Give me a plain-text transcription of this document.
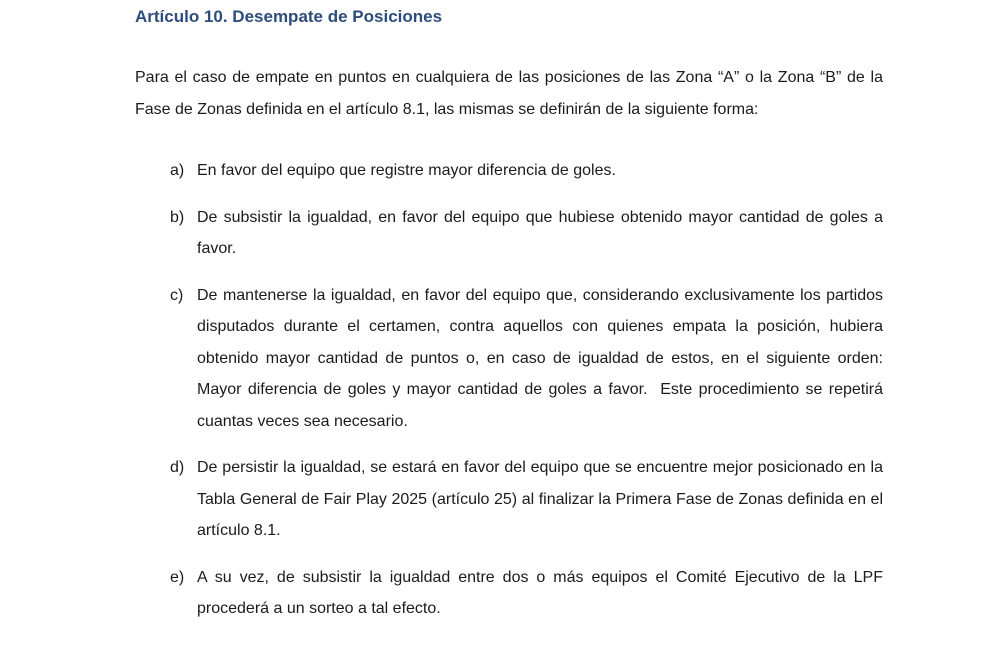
Artículo 10. Desempate de Posiciones

Para el caso de empate en puntos en cualquiera de las posiciones de las Zona “A” o la Zona “B” de la Fase de Zonas definida en el artículo 8.1, las mismas se definirán de la siguiente forma:

a) En favor del equipo que registre mayor diferencia de goles.
b) De subsistir la igualdad, en favor del equipo que hubiese obtenido mayor cantidad de goles a favor.
c) De mantenerse la igualdad, en favor del equipo que, considerando exclusivamente los partidos disputados durante el certamen, contra aquellos con quienes empata la posición, hubiera obtenido mayor cantidad de puntos o, en caso de igualdad de estos, en el siguiente orden: Mayor diferencia de goles y mayor cantidad de goles a favor.  Este procedimiento se repetirá cuantas veces sea necesario.
d) De persistir la igualdad, se estará en favor del equipo que se encuentre mejor posicionado en la Tabla General de Fair Play 2025 (artículo 25) al finalizar la Primera Fase de Zonas definida en el artículo 8.1.
e) A su vez, de subsistir la igualdad entre dos o más equipos el Comité Ejecutivo de la LPF procederá a un sorteo a tal efecto.
